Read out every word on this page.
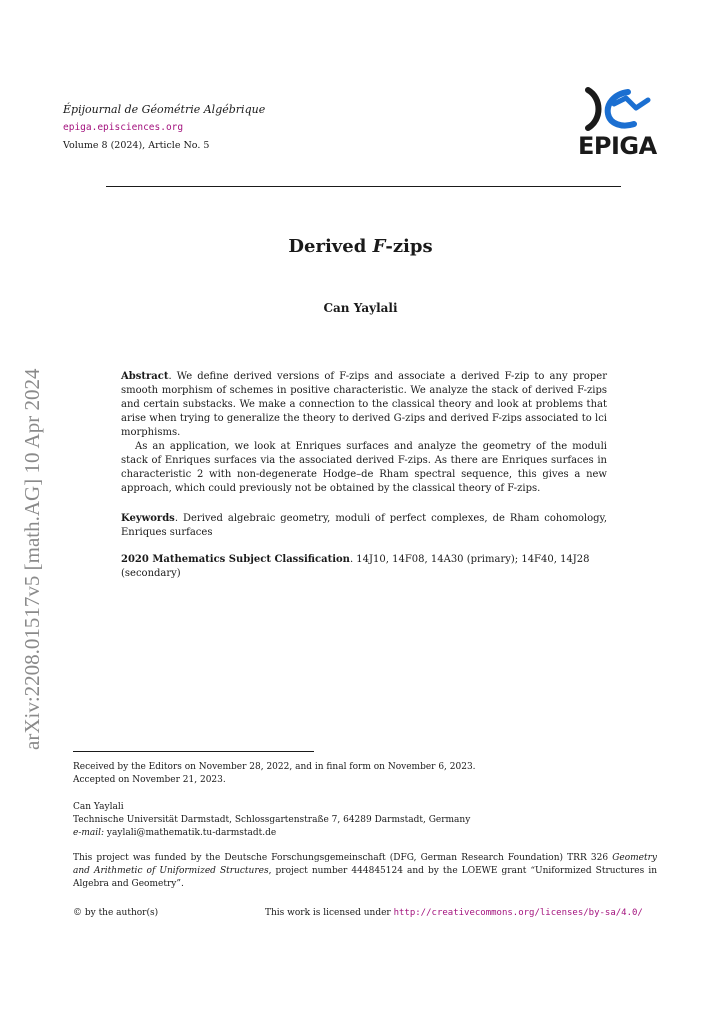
Épijournal de Géométrie Algébrique
epiga.episciences.org
Volume 8 (2024), Article No. 5	EPIGA
arXiv:2208.01517v5 [math.AG] 10 Apr 2024
Derived F-zips
Can Yaylali

Abstract. We define derived versions of F-zips and associate a derived F-zip to any proper smooth morphism of schemes in positive characteristic. We analyze the stack of derived F-zips and certain substacks. We make a connection to the classical theory and look at problems that arise when trying to generalize the theory to derived G-zips and derived F-zips associated to lci morphisms.

As an application, we look at Enriques surfaces and analyze the geometry of the moduli stack of Enriques surfaces via the associated derived F-zips. As there are Enriques surfaces in characteristic 2 with non-degenerate Hodge–de Rham spectral sequence, this gives a new approach, which could previously not be obtained by the classical theory of F-zips.

Keywords. Derived algebraic geometry, moduli of perfect complexes, de Rham cohomology, Enriques surfaces
2020 Mathematics Subject Classification. 14J10, 14F08, 14A30 (primary); 14F40, 14J28 (secondary)

Received by the Editors on November 28, 2022, and in final form on November 6, 2023.

Accepted on November 21, 2023.

Can Yaylali

Technische Universität Darmstadt, Schlossgartenstraße 7, 64289 Darmstadt, Germany

e-mail: yaylali@mathematik.tu-darmstadt.de

This project was funded by the Deutsche Forschungsgemeinschaft (DFG, German Research Foundation) TRR 326 Geometry and Arithmetic of Uniformized Structures, project number 444845124 and by the LOEWE grant “Uniformized Structures in Algebra and Geometry”.

© by the author(s)	This work is licensed under http://creativecommons.org/licenses/by-sa/4.0/
